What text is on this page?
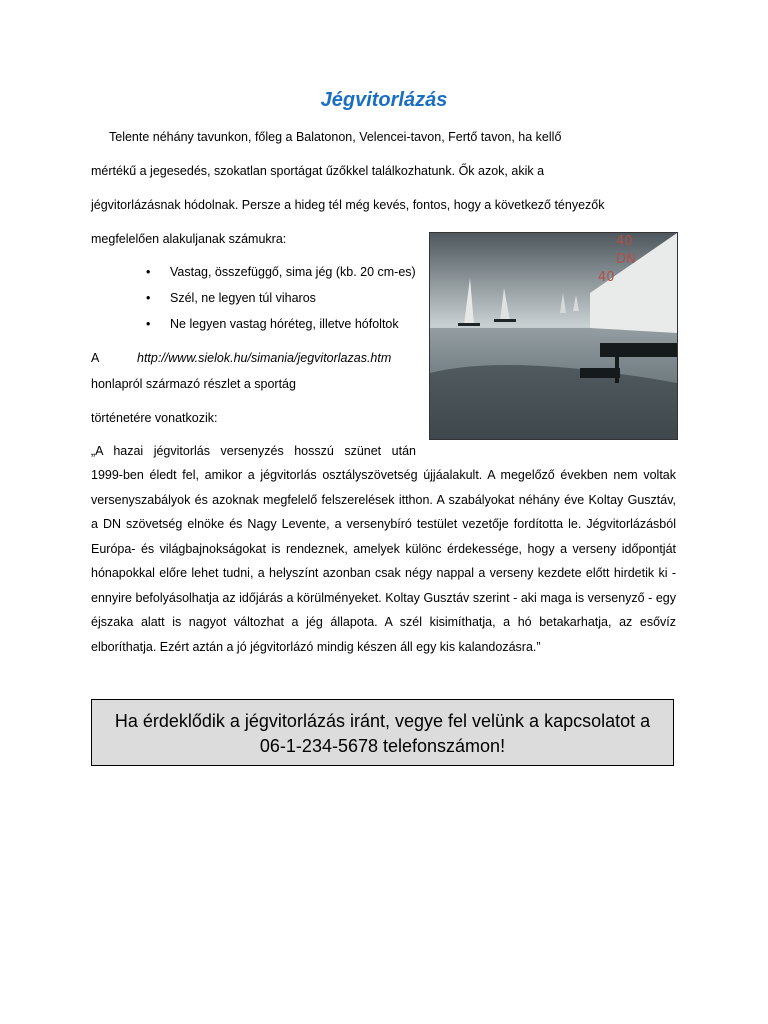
Jégvitorlázás
Telente néhány tavunkon, főleg a Balatonon, Velencei-tavon, Fertő tavon, ha kellő
mértékű a jegesedés, szokatlan sportágat űzőkkel találkozhatunk. Ők azok, akik a
jégvitorlázásnak hódolnak. Persze a hideg tél még kevés, fontos, hogy a következő tényezők
megfelelően alakuljanak számukra:
• Vastag, összefüggő, sima jég (kb. 20 cm-es)
• Szél, ne legyen túl viharos
• Ne legyen vastag hóréteg, illetve hófoltok
A	http://www.sielok.hu/simania/jegvitorlazas.htm
honlapról származó részlet a sportág
történetére vonatkozik:
40
DN
40
„A hazai jégvitorlás versenyzés hosszú szünet után
1999-ben éledt fel, amikor a jégvitorlás osztályszövetség újjáalakult. A megelőző években nem voltak versenyszabályok és azoknak megfelelő felszerelések itthon. A szabályokat néhány éve Koltay Gusztáv, a DN szövetség elnöke és Nagy Levente, a versenybíró testület vezetője fordította le. Jégvitorlázásból Európa- és világbajnokságokat is rendeznek, amelyek különc érdekessége, hogy a verseny időpontját hónapokkal előre lehet tudni, a helyszínt azonban csak négy nappal a verseny kezdete előtt hirdetik ki - ennyire befolyásolhatja az időjárás a körülményeket. Koltay Gusztáv szerint - aki maga is versenyző - egy éjszaka alatt is nagyot változhat a jég állapota. A szél kisimíthatja, a hó betakarhatja, az esővíz elboríthatja. Ezért aztán a jó jégvitorlázó mindig készen áll egy kis kalandozásra.”
Ha érdeklődik a jégvitorlázás iránt, vegye fel velünk a kapcsolatot a
06-1-234-5678 telefonszámon!
